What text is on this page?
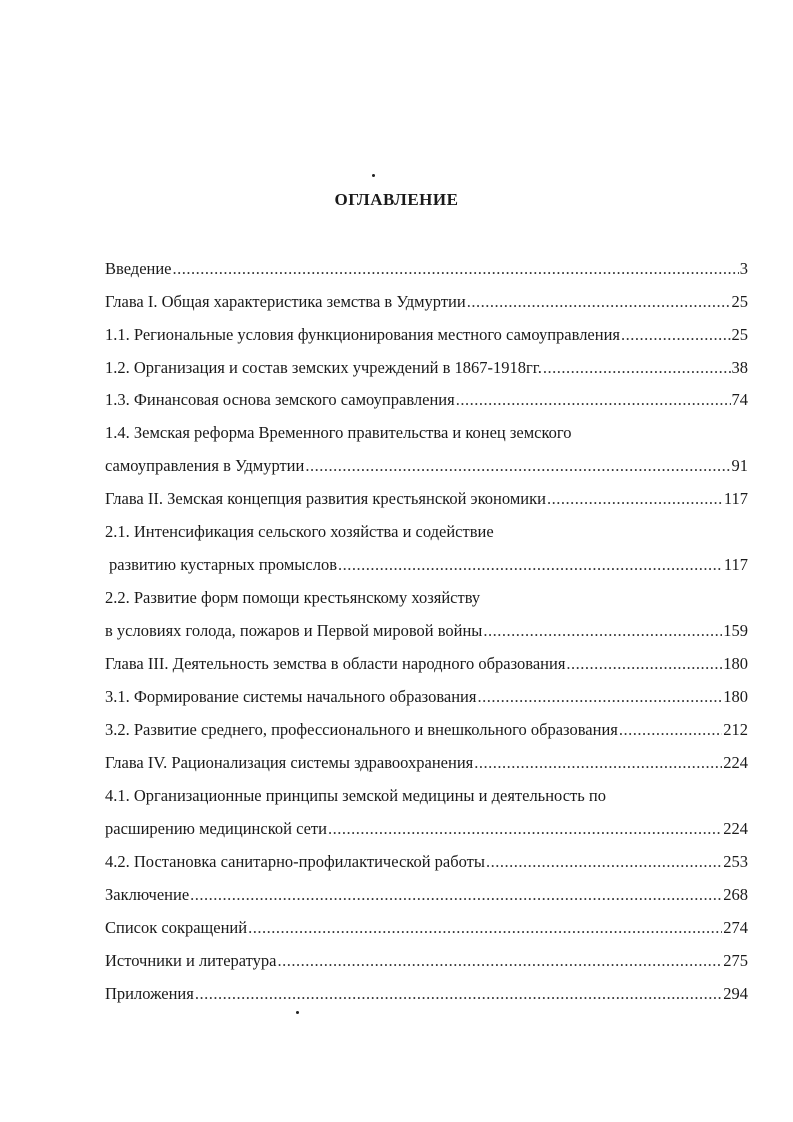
ОГЛАВЛЕНИЕ
Введение .....	3
Глава I. Общая характеристика земства в Удмуртии .....	25
1.1. Региональные условия функционирования местного самоуправления .....	25
1.2. Организация и состав земских учреждений в 1867-1918гг. .....	38
1.3. Финансовая основа земского самоуправления .....	74
1.4. Земская реформа Временного правительства и конец земского
самоуправления в Удмуртии .....	91
Глава II. Земская концепция развития крестьянской экономики .....	117
2.1. Интенсификация сельского хозяйства и содействие
развитию кустарных промыслов .....	117
2.2. Развитие форм помощи крестьянскому хозяйству
в условиях голода, пожаров и Первой мировой войны .....	159
Глава III. Деятельность земства в области народного образования .....	180
3.1. Формирование системы начального образования .....	180
3.2. Развитие среднего, профессионального и внешкольного образования .....	212
Глава IV. Рационализация системы здравоохранения .....	224
4.1. Организационные принципы земской медицины и деятельность по
расширению медицинской сети .....	224
4.2. Постановка санитарно-профилактической работы .....	253
Заключение .....	268
Список сокращений .....	274
Источники и литература .....	275
Приложения .....	294
